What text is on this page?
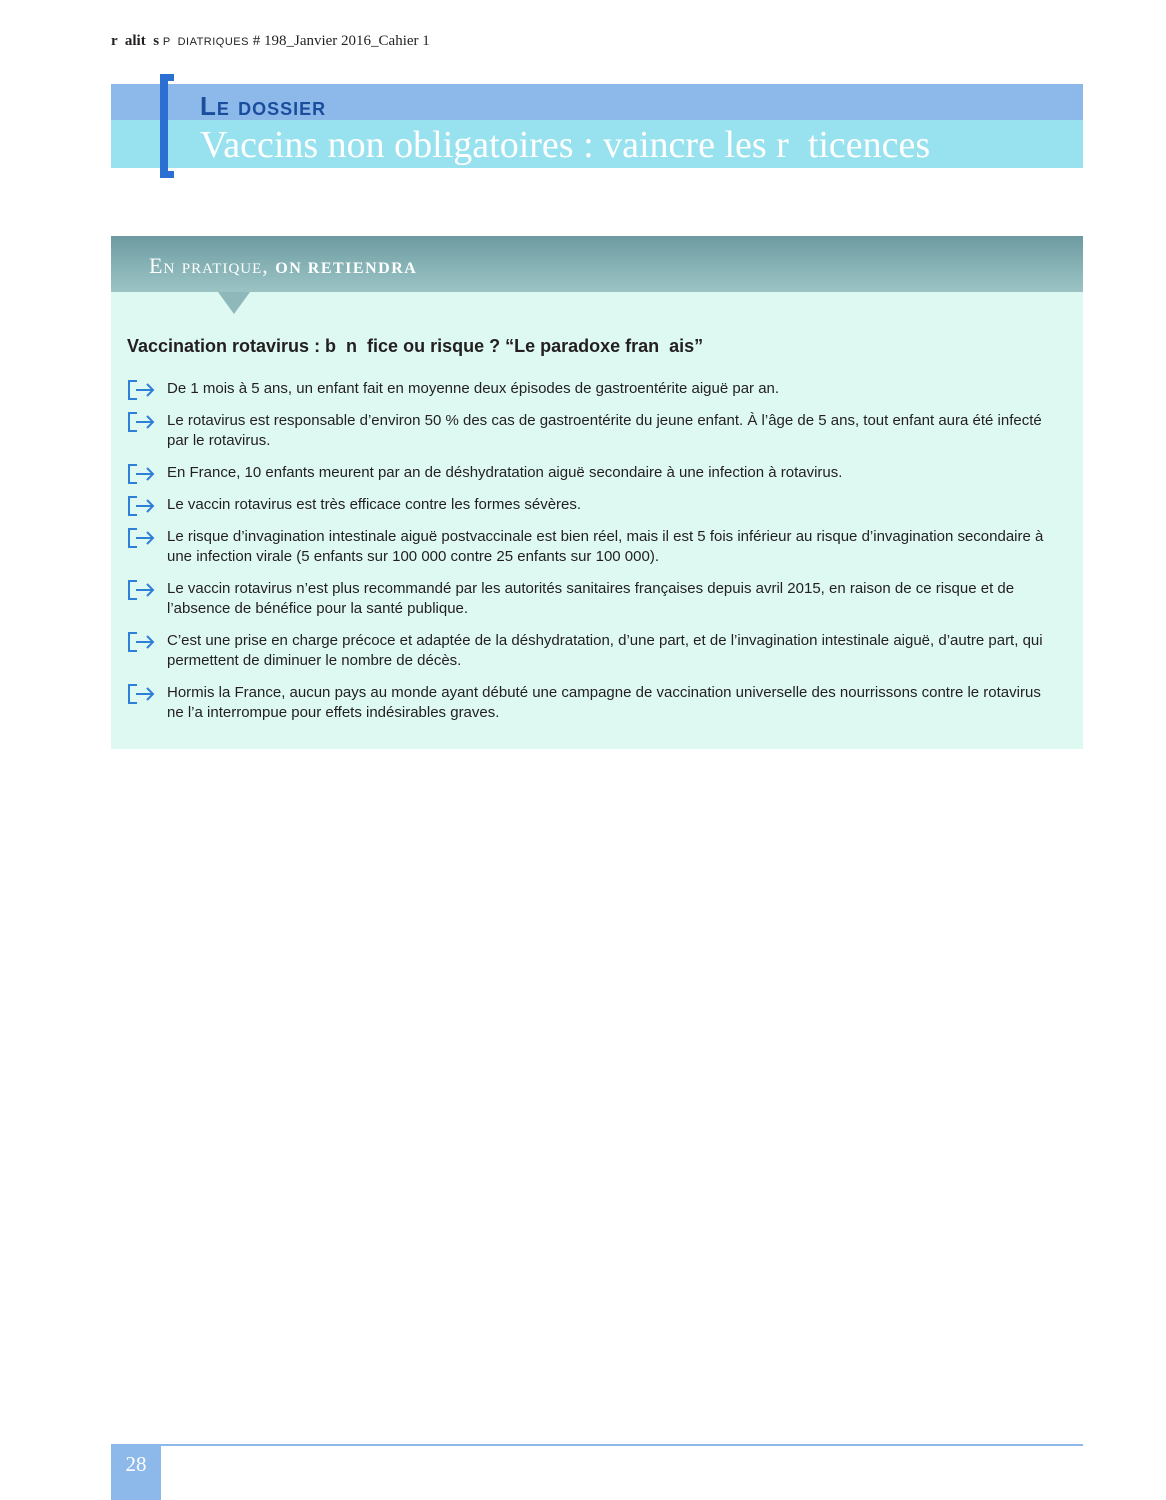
r  alit  s P  DIATRIQUES # 198_Janvier 2016_Cahier 1
Le dossier
Vaccins non obligatoires : vaincre les r  ticences
En pratique, ON RETIENDRA
Vaccination rotavirus : b  n  fice ou risque ? “Le paradoxe fran  ais”
De 1 mois à 5 ans, un enfant fait en moyenne deux épisodes de gastroentérite aiguë par an.
Le rotavirus est responsable d’environ 50 % des cas de gastroentérite du jeune enfant. À l’âge de 5 ans, tout enfant aura été infecté par le rotavirus.
En France, 10 enfants meurent par an de déshydratation aiguë secondaire à une infection à rotavirus.
Le vaccin rotavirus est très efficace contre les formes sévères.
Le risque d’invagination intestinale aiguë postvaccinale est bien réel, mais il est 5 fois inférieur au risque d’invagination secondaire à une infection virale (5 enfants sur 100 000 contre 25 enfants sur 100 000).
Le vaccin rotavirus n’est plus recommandé par les autorités sanitaires françaises depuis avril 2015, en raison de ce risque et de l’absence de bénéfice pour la santé publique.
C’est une prise en charge précoce et adaptée de la déshydratation, d’une part, et de l’invagination intestinale aiguë, d’autre part, qui permettent de diminuer le nombre de décès.
Hormis la France, aucun pays au monde ayant débuté une campagne de vaccination universelle des nourrissons contre le rotavirus ne l’a interrompue pour effets indésirables graves.
28
